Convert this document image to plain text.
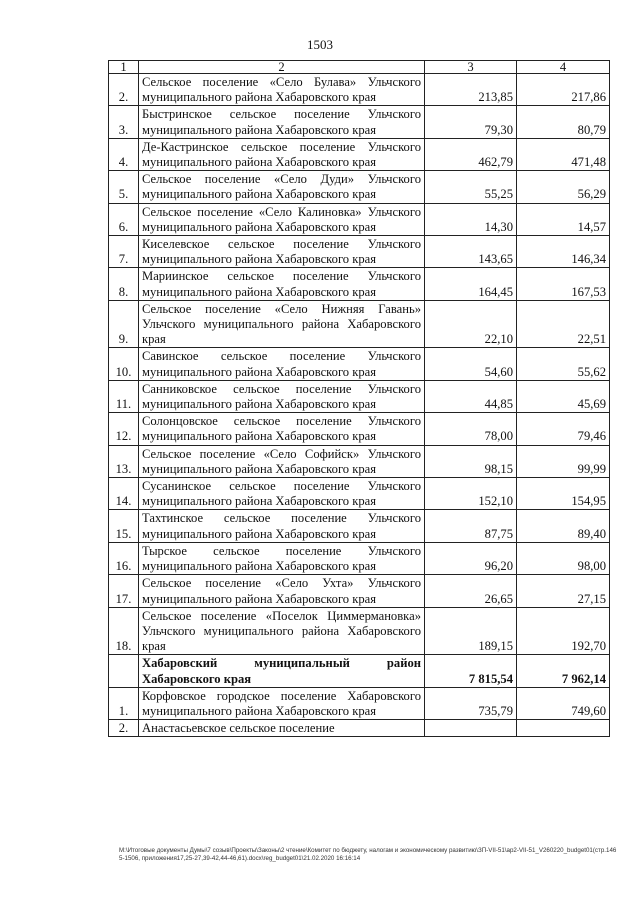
1503
1	2	3	4
2.	Сельское поселение «Село Булава» Ульчского муниципального района Хабаровского края	213,85	217,86
3.	Быстринское сельское поселение Ульчского муниципального района Хабаровского края	79,30	80,79
4.	Де-Кастринское сельское поселение Ульчского муниципального района Хабаровского края	462,79	471,48
5.	Сельское поселение «Село Дуди» Ульчского муниципального района Хабаровского края	55,25	56,29
6.	Сельское поселение «Село Калиновка» Ульчского муниципального района Хабаровского края	14,30	14,57
7.	Киселевское сельское поселение Ульчского муниципального района Хабаровского края	143,65	146,34
8.	Мариинское сельское поселение Ульчского муниципального района Хабаровского края	164,45	167,53
9.	Сельское поселение «Село Нижняя Гавань» Ульчского муниципального района Хабаровского края	22,10	22,51
10.	Савинское сельское поселение Ульчского муниципального района Хабаровского края	54,60	55,62
11.	Санниковское сельское поселение Ульчского муниципального района Хабаровского края	44,85	45,69
12.	Солонцовское сельское поселение Ульчского муниципального района Хабаровского края	78,00	79,46
13.	Сельское поселение «Село Софийск» Ульчского муниципального района Хабаровского края	98,15	99,99
14.	Сусанинское сельское поселение Ульчского муниципального района Хабаровского края	152,10	154,95
15.	Тахтинское сельское поселение Ульчского муниципального района Хабаровского края	87,75	89,40
16.	Тырское сельское поселение Ульчского муниципального района Хабаровского края	96,20	98,00
17.	Сельское поселение «Село Ухта» Ульчского муниципального района Хабаровского края	26,65	27,15
18.	Сельское поселение «Поселок Циммермановка» Ульчского муниципального района Хабаровского края	189,15	192,70
	Хабаровский муниципальный район Хабаровского края	7 815,54	7 962,14
1.	Корфовское городское поселение Хабаровского муниципального района Хабаровского края	735,79	749,60
2.	Анастасьевское сельское поселение		
M:\Итоговые документы Думы\7 созыв\Проекты\Законы\2 чтение\Комитет по бюджету, налогам и экономическому развитию\ЗП-VII-51\ap2-VII-51_V260220_budget01(стр.1465-1506, приложения17,25-27,39-42,44-46,61).docx\reg_budget01\21.02.2020 16:16:14
